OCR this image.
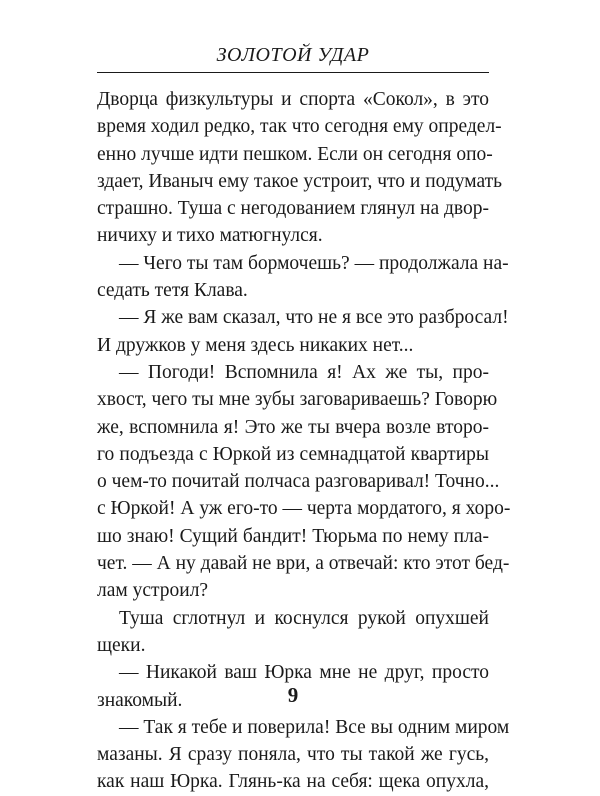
ЗОЛОТОЙ УДАР
Дворца физкультуры и спорта «Сокол», в это
время ходил редко, так что сегодня ему определ-
енно лучше идти пешком. Если он сегодня опо-
здает, Иваныч ему такое устроит, что и подумать
страшно. Туша с негодованием глянул на двор-
ничиху и тихо матюгнулся.
— Чего ты там бормочешь? — продолжала на-
седать тетя Клава.
— Я же вам сказал, что не я все это разбросал!
И дружков у меня здесь никаких нет...
— Погоди! Вспомнила я! Ах же ты, про-
хвост, чего ты мне зубы заговариваешь? Говорю
же, вспомнила я! Это же ты вчера возле второ-
го подъезда с Юркой из семнадцатой квартиры
о чем-то почитай полчаса разговаривал! Точно...
с Юркой! А уж его-то — черта мордатого, я хоро-
шо знаю! Сущий бандит! Тюрьма по нему пла-
чет. — А ну давай не ври, а отвечай: кто этот бед-
лам устроил?
Туша сглотнул и коснулся рукой опухшей
щеки.
— Никакой ваш Юрка мне не друг, просто
знакомый.
— Так я тебе и поверила! Все вы одним миром
мазаны. Я сразу поняла, что ты такой же гусь,
как наш Юрка. Глянь-ка на себя: щека опухла,
9
